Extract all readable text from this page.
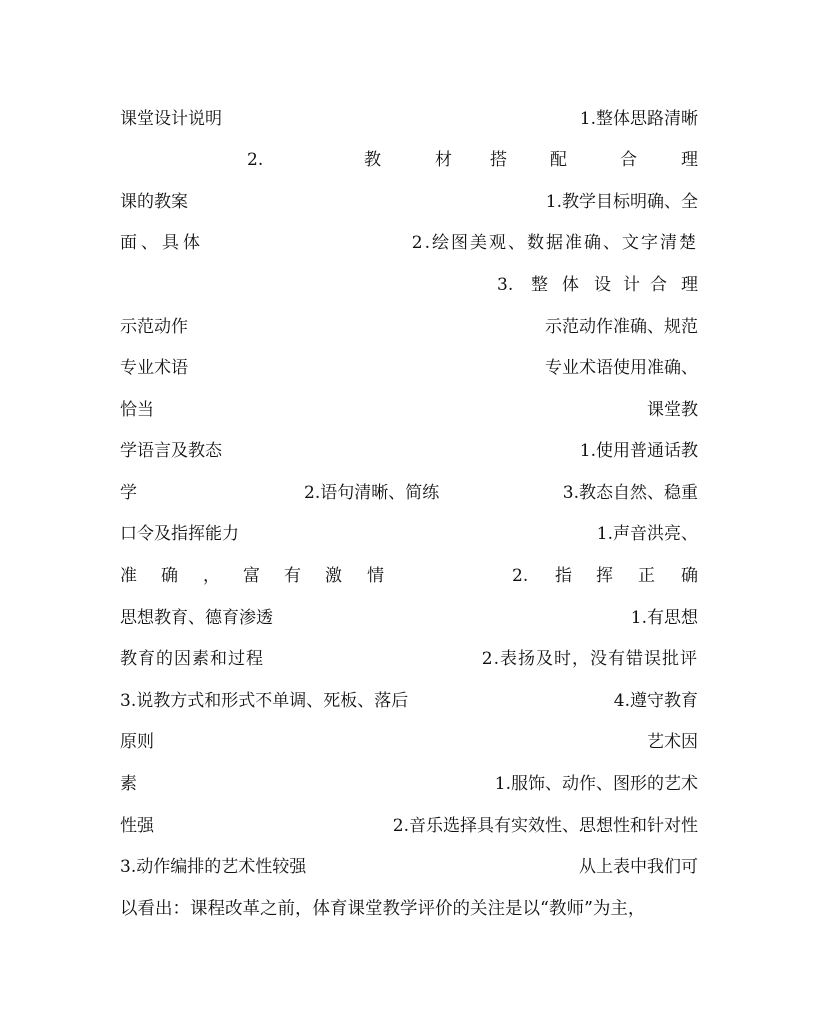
课堂设计说明	1.整体思路清晰
2.	教	材 搭	配	合	理
课的教案	1.教学目标明确、全
面、具体	2.绘图美观、数据准确、文字清楚
3. 整 体 设 计 合 理
示范动作	示范动作准确、规范
专业术语	专业术语使用准确、
恰当	课堂教
学语言及教态	1.使用普通话教
学	2.语句清晰、简练	3.教态自然、稳重
口令及指挥能力	1.声音洪亮、
准 确 ， 富 有 激 情	2. 指 挥 正 确
思想教育、德育渗透	1.有思想
教育的因素和过程	2.表扬及时，没有错误批评
3.说教方式和形式不单调、死板、落后	4.遵守教育
原则	艺术因
素	1.服饰、动作、图形的艺术
性强	2.音乐选择具有实效性、思想性和针对性
3.动作编排的艺术性较强	从上表中我们可
以看出：课程改革之前，体育课堂教学评价的关注是以“教师”为主，
